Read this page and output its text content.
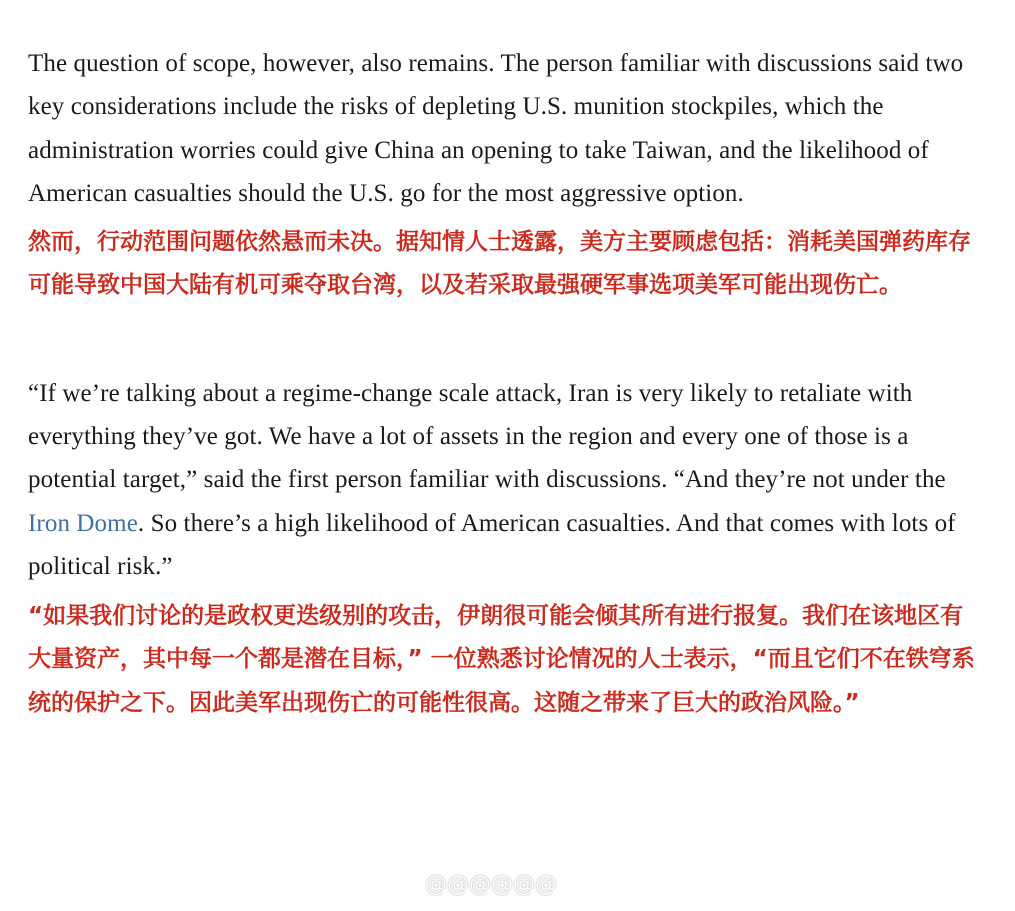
The question of scope, however, also remains. The person familiar with discussions said two key considerations include the risks of depleting U.S. munition stockpiles, which the administration worries could give China an opening to take Taiwan, and the likelihood of American casualties should the U.S. go for the most aggressive option.

然而，行动范围问题依然悬而未决。据知情人士透露，美方主要顾虑包括：消耗美国弹药库存可能导致中国大陆有机可乘夺取台湾，以及若采取最强硬军事选项美军可能出现伤亡。

“If we’re talking about a regime-change scale attack, Iran is very likely to retaliate with everything they’ve got. We have a lot of assets in the region and every one of those is a potential target,” said the first person familiar with discussions. “And they’re not under the Iron Dome. So there’s a high likelihood of American casualties. And that comes with lots of political risk.”

“如果我们讨论的是政权更迭级别的攻击，伊朗很可能会倾其所有进行报复。我们在该地区有大量资产，其中每一个都是潜在目标，” 一位熟悉讨论情况的人士表示，“而且它们不在铁穹系统的保护之下。因此美军出现伤亡的可能性很高。这随之带来了巨大的政治风险。”

@@@@@@
